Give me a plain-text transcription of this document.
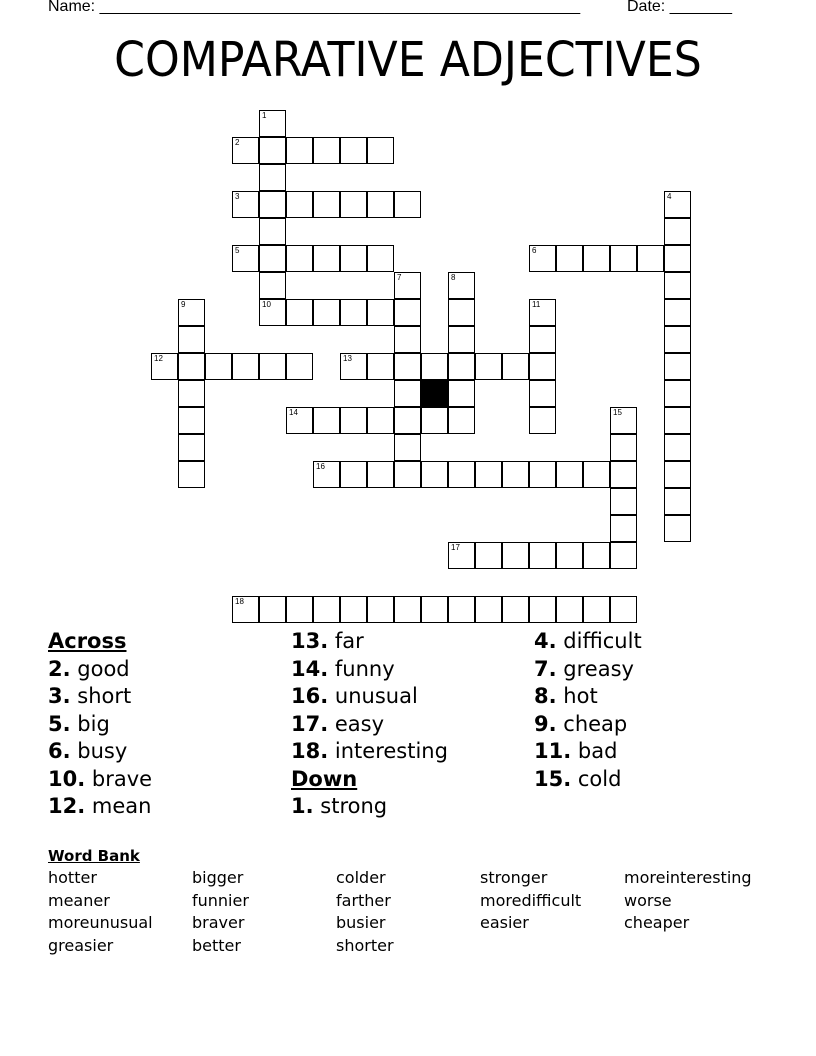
Name: ______________________________________________________

	Date: _______

COMPARATIVE ADJECTIVES
1
2
3	4
5	6
7	8
9	10	11
12	13
14	15
16
17
18
Across
2. good
3. short
5. big
6. busy
10. brave
12. mean
13. far
14. funny
16. unusual
17. easy
18. interesting
Down
1. strong
4. difficult
7. greasy
8. hot
9. cheap
11. bad
15. cold
Word Bank
hotter	bigger	colder	stronger	moreinteresting
meaner	funnier	farther	moredifficult	worse
moreunusual	braver	busier	easier	cheaper
greasier	better	shorter
